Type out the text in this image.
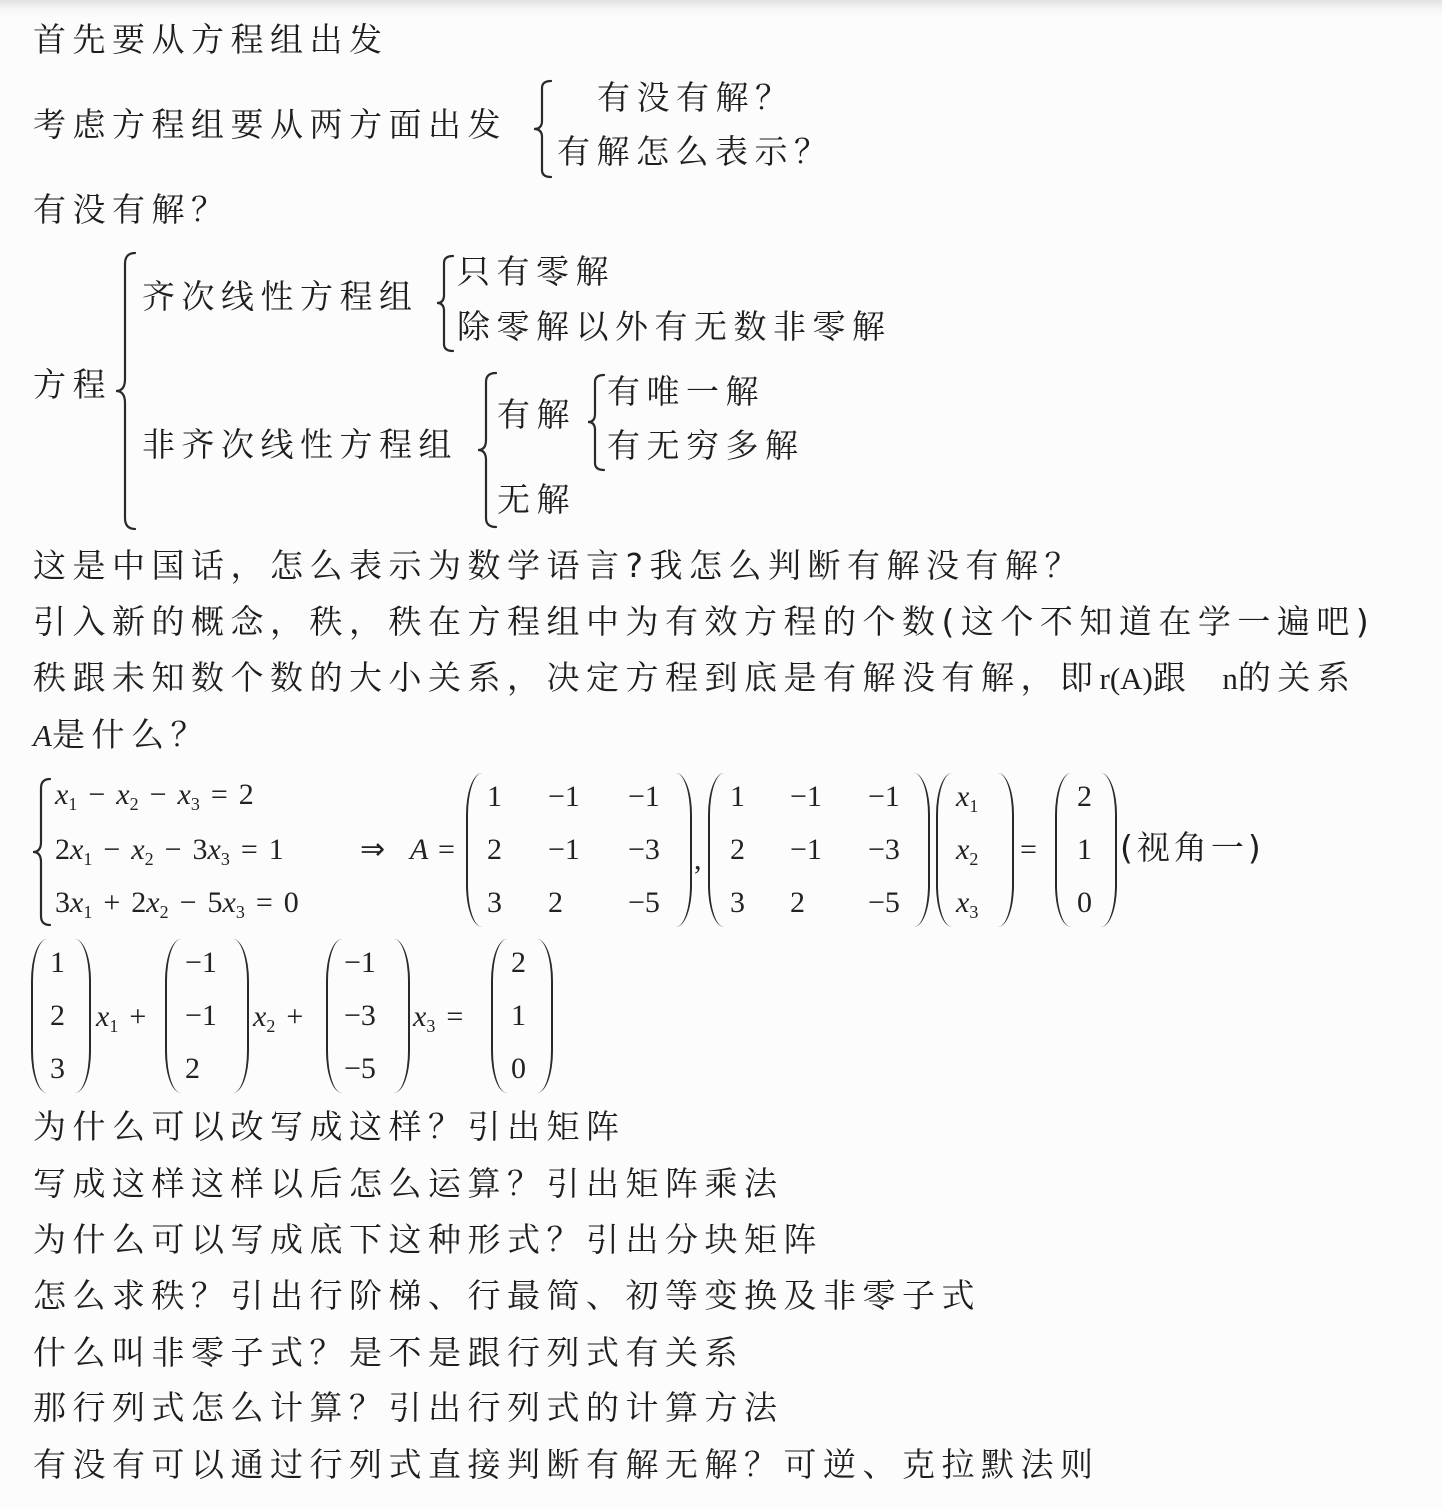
首先要从方程组出发
考虑方程组要从两方面出发
有没有解？
有解怎么表示？
有没有解？
方程
齐次线性方程组
只有零解
除零解以外有无数非零解
非齐次线性方程组
有解
有唯一解
有无穷多解
无解
这是中国话，怎么表示为数学语言?我怎么判断有解没有解？
引入新的概念，秩，秩在方程组中为有效方程的个数(这个不知道在学一遍吧)
秩跟未知数个数的大小关系，决定方程到底是有解没有解，即r(A)跟 n的关系
A是什么？
$x_1 - x_2 - x_3 = 2$
$2x_1 - x_2 - 3x_3 = 1$
$3x_1 + 2x_2 - 5x_3 = 0$
⇒ A =
1	−1	−1
2	−1	−3
3	2	−5
,
1	−1	−1
2	−1	−3
3	2	−5
$x_1$
$x_2$
$x_3$
=
2
1
0
(视角一)
1
2
3
$x_1$ +
−1
−1
2
$x_2$ +
−1
−3
−5
$x_3$ =
2
1
0
为什么可以改写成这样？引出矩阵
写成这样这样以后怎么运算？引出矩阵乘法
为什么可以写成底下这种形式？引出分块矩阵
怎么求秩？引出行阶梯、行最简、初等变换及非零子式
什么叫非零子式？是不是跟行列式有关系
那行列式怎么计算？引出行列式的计算方法
有没有可以通过行列式直接判断有解无解？可逆、克拉默法则
